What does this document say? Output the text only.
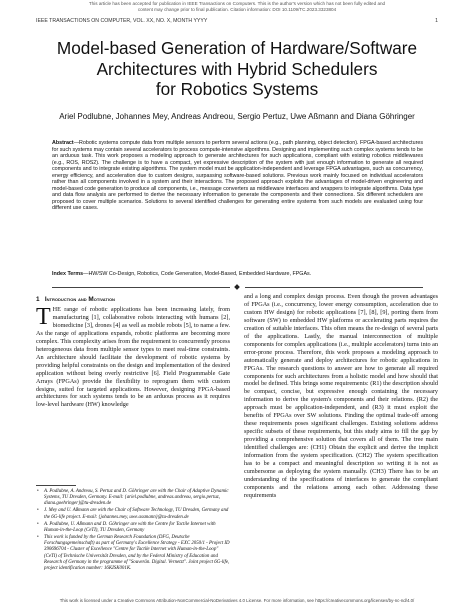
This article has been accepted for publication in IEEE Transactions on Computers. This is the author's version which has not been fully edited and
content may change prior to final publication. Citation information: DOI 10.1109/TC.2023.3323804
IEEE TRANSACTIONS ON COMPUTER, VOL. XX, NO. X, MONTH YYYY	1
Model-based Generation of Hardware/Software
Architectures with Hybrid Schedulers
for Robotics Systems
Ariel Podlubne, Johannes Mey, Andreas Andreou, Sergio Pertuz, Uwe Aßmann and Diana Göhringer
Abstract—Robotic systems compute data from multiple sensors to perform several actions (e.g., path planning, object detection). FPGA-based architectures for such systems may contain several accelerators to process compute-intensive algorithms. Designing and implementing such complex systems tends to be an arduous task. This work proposes a modeling approach to generate architectures for such applications, compliant with existing robotics middlewares (e.g., ROS, ROS2). The challenge is to have a compact, yet expressive description of the system with just enough information to generate all required components and to integrate existing algorithms. The system model must be application-independent and leverage FPGA advantages, such as concurrency, energy efficiency, and acceleration due to custom designs, surpassing software-based solutions. Previous work mainly focused on individual accelerators rather than all components involved in a system and their interactions. The proposed approach exploits the advantages of model-driven engineering and model-based code generation to produce all components, i.e., message converters as middleware interfaces and wrappers to integrate algorithms. Data type and data flow analysis are performed to derive the necessary information to generate the components and their connections. Six different schedulers are proposed to cover multiple scenarios. Solutions to several identified challenges for generating entire systems from such models are evaluated using four different use cases.
Index Terms—HW/SW Co-Design, Robotics, Code Generation, Model-Based, Embedded Hardware, FPGAs.
1 Introduction and Motivation
THE range of robotic applications has been increasing lately, from manufacturing [1], collaborative robots interacting with humans [2], biomedicine [3], drones [4] as well as mobile robots [5], to name a few. As the range of applications expands, robotic platforms are becoming more complex. This complexity arises from the requirement to concurrently process heterogeneous data from multiple sensor types to meet real-time constraints. An architecture should facilitate the development of robotic systems by providing helpful constraints on the design and implementation of the desired application without being overly restrictive [6]. Field Programmable Gate Arrays (FPGAs) provide the flexibility to reprogram them with custom designs, suited for targeted applications. However, designing FPGA-based architectures for such systems tends to be an arduous process as it requires low-level hardware (HW) knowledge
• A. Podlubne, A. Andreou, S. Pertuz and D. Göhringer are with the Chair of Adaptive Dynamic Systems, TU Dresden, Germany. E-mail: {ariel.podlubne, andreas.andreou, sergio.pertuz, diana.goehringer}@tu-dresden.de
• J. Mey and U. Aßmann are with the Chair of Software Technology, TU Dresden, Germany and the 6G-life project. E-mail: {johannes.mey, uwe.assmann}@tu-dresden.de
• A. Podlubne, U. Aßmann and D. Göhringer are with the Centre for Tactile Internet with Human-in-the-Loop (CeTI), TU Dresden, Germany
• This work is funded by the German Research Foundation (DFG, Deutsche Forschungsgemeinschaft) as part of Germany's Excellence Strategy - EXC 2050/1 - Project ID 390696704 - Cluster of Excellence "Centre for Tactile Internet with Human-in-the-Loop" (CeTI) of Technische Universität Dresden, and by the Federal Ministry of Education and Research of Germany in the programme of "Souverän. Digital. Vernetzt". Joint project 6G-life, project identification number: 16KISK001K.
and a long and complex design process. Even though the proven advantages of FPGAs (i.e., concurrency, lower energy consumption, acceleration due to custom HW design) for robotic applications [7], [8], [9], porting them from software (SW) to embedded HW platforms or accelerating parts requires the creation of suitable interfaces. This often means the re-design of several parts of the applications. Lastly, the manual interconnection of multiple components for complex applications (i.e., multiple accelerators) turns into an error-prone process. Therefore, this work proposes a modeling approach to automatically generate and deploy architectures for robotic applications in FPGAs. The research questions to answer are how to generate all required components for such architectures from a holistic model and how should that model be defined. This brings some requirements: (R1) the description should be compact, concise, but expressive enough containing the necessary information to derive the system's components and their relations. (R2) the approach must be application-independent, and (R3) it must exploit the benefits of FPGAs over SW solutions. Finding the optimal trade-off among these requirements poses significant challenges. Existing solutions address specific subsets of these requirements, but this study aims to fill the gap by providing a comprehensive solution that covers all of them. The tree main identified challenges are: (CH1) Obtain the explicit and derive the implicit information from the system specification. (CH2) The system specification has to be a compact and meaningful description so writing it is not as cumbersome as deploying the system manually. (CH3) There has to be an understanding of the specifications of interfaces to generate the compliant components and the relations among each other. Addressing these requirements
This work is licensed under a Creative Commons Attribution-NonCommercial-NoDerivatives 4.0 License. For more information, see https://creativecommons.org/licenses/by-nc-nd/4.0/
